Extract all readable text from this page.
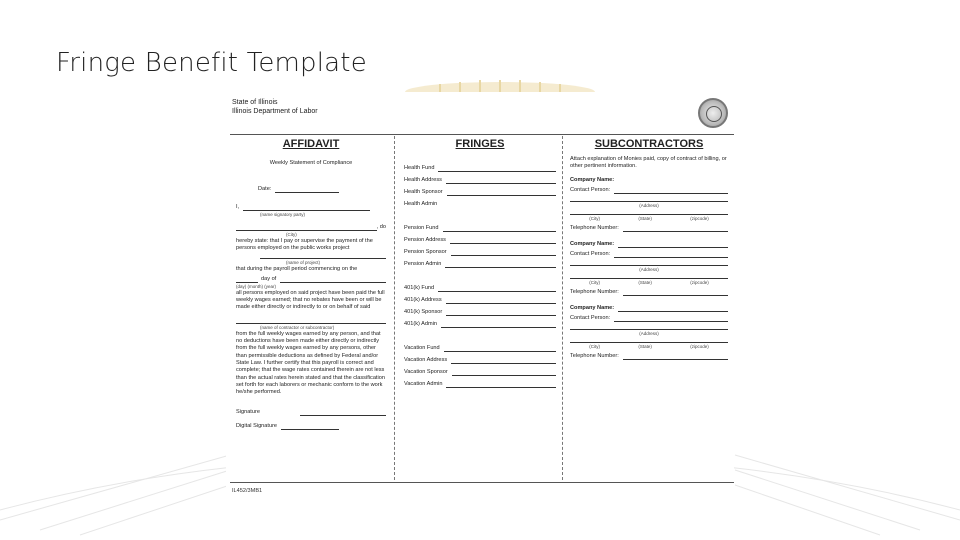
Fringe Benefit Template
State of Illinois
Illinois Department of Labor
AFFIDAVIT
Weekly Statement of Compliance
Date:
I,
(name signatory party)
, do
(City)
hereby state: that I pay or supervise the payment of the persons employed on the public works project
(name of project)
that during the payroll period commencing on the
day of
(day) (month) (year)
all persons employed on said project have been paid the full weekly wages earned; that no rebates have been or will be made either directly or indirectly to or on behalf of said
(name of contractor or subcontractor)
from the full weekly wages earned by any person, and that no deductions have been made either directly or indirectly from the full weekly wages earned by any persons, other than permissible deductions as defined by Federal and/or State Law. I further certify that this payroll is correct and complete; that the wage rates contained therein are not less than the actual rates herein stated and that the classification set forth for each laborers or mechanic conform to the work he/she performed.
Signature
Digital Signature
FRINGES
Health Fund
Health Address
Health Sponsor
Health Admin
Pension Fund
Pension Address
Pension Sponsor
Pension Admin
401(k) Fund
401(k) Address
401(k) Sponsor
401(k) Admin
Vacation Fund
Vacation Address
Vacation Sponsor
Vacation Admin
SUBCONTRACTORS
Attach explanation of Monies paid, copy of contract of billing, or other pertinent information.
Company Name:
Contact Person:
(Address)
(City)	(State)	(zipcode)
Telephone Number:
Company Name:
Contact Person:
(Address)
(City)	(State)	(zipcode)
Telephone Number:
Company Name:
Contact Person:
(Address)
(City)	(State)	(zipcode)
Telephone Number:
IL452/3MB1
